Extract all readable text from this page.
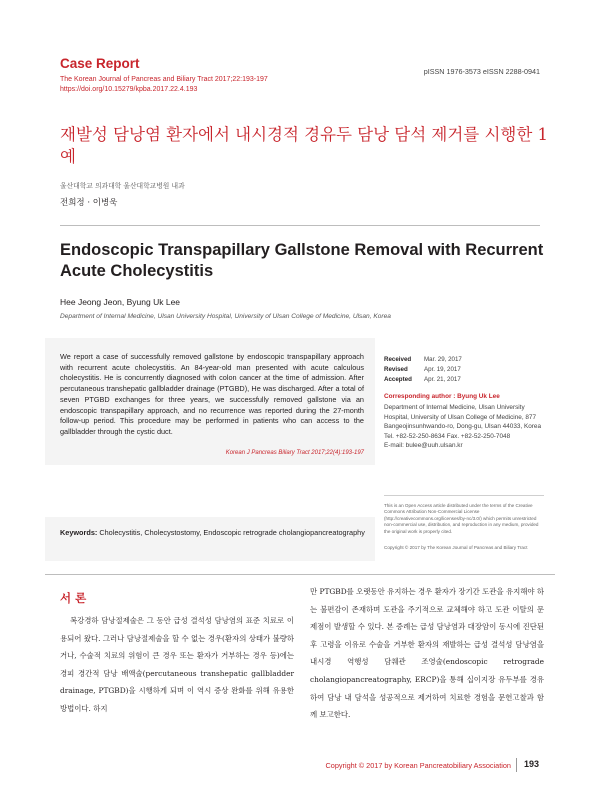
Case Report
The Korean Journal of Pancreas and Biliary Tract 2017;22:193-197
https://doi.org/10.15279/kpba.2017.22.4.193
pISSN 1976-3573 eISSN 2288-0941
재발성 담낭염 환자에서 내시경적 경유두 담낭 담석 제거를 시행한 1예
울산대학교 의과대학 울산대학교병원 내과
전희정 · 이병욱
Endoscopic Transpapillary Gallstone Removal with Recurrent Acute Cholecystitis
Hee Jeong Jeon, Byung Uk Lee
Department of Internal Medicine, Ulsan University Hospital, University of Ulsan College of Medicine, Ulsan, Korea
We report a case of successfully removed gallstone by endoscopic transpapillary approach with recurrent acute cholecystitis. An 84-year-old man presented with acute calculous cholecystitis. He is concurrently diagnosed with colon cancer at the time of admission. After percutaneous transhepatic gallbladder drainage (PTGBD), He was discharged. After a total of seven PTGBD exchanges for three years, we successfully removed gallstone via an endoscopic transpapillary approach, and no recurrence was reported during the 27-month follow-up period. This procedure may be performed in patients who can access to the gallbladder through the cystic duct.
Korean J Pancreas Biliary Tract 2017;22(4):193-197
Keywords: Cholecystitis, Cholecystostomy, Endoscopic retrograde cholangiopancreatography
Received Mar. 29, 2017
Revised	Apr. 19, 2017
Accepted Apr. 21, 2017
Corresponding author : Byung Uk Lee
Department of Internal Medicine, Ulsan University Hospital, University of Ulsan College of Medicine, 877 Bangeojinsunhwando-ro, Dong-gu, Ulsan 44033, Korea
Tel. +82-52-250-8634 Fax. +82-52-250-7048
E-mail: bulee@uuh.ulsan.kr
This is an Open Access article distributed under the terms of the Creative Commons Attribution Non-Commercial License (http://creativecommons.org/licenses/by-nc/3.0/) which permits unrestricted non-commercial use, distribution, and reproduction in any medium, provided the original work is properly cited.
Copyright © 2017 by The Korean Journal of Pancreas and Biliary Tract
서 론

복강경하 담낭절제술은 그 동안 급성 결석성 담낭염의 표준 치료로 이용되어 왔다. 그러나 담낭절제술을 할 수 없는 경우(환자의 상태가 불량하거나, 수술적 치료의 위험이 큰 경우 또는 환자가 거부하는 경우 등)에는 경피 경간적 담낭 배액술(percutaneous transhepatic gallbladder drainage, PTGBD)을 시행하게 되며 이 역시 증상 완화를 위해 유용한 방법이다. 하지

만 PTGBD를 오랫동안 유지하는 경우 환자가 장기간 도관을 유지해야 하는 불편감이 존재하며 도관을 주기적으로 교체해야 하고 도관 이탈의 문제점이 발생할 수 있다. 본 증례는 급성 담낭염과 대장암이 동시에 진단된 후 고령을 이유로 수술을 거부한 환자의 재발하는 급성 결석성 담낭염을 내시경 역행성 담췌관 조영술(endoscopic retrograde cholangiopancreatography, ERCP)을 통해 십이지장 유두부를 경유하여 담낭 내 담석을 성공적으로 제거하여 치료한 경험을 문헌고찰과 함께 보고한다.

Copyright © 2017 by Korean Pancreatobiliary Association 193
